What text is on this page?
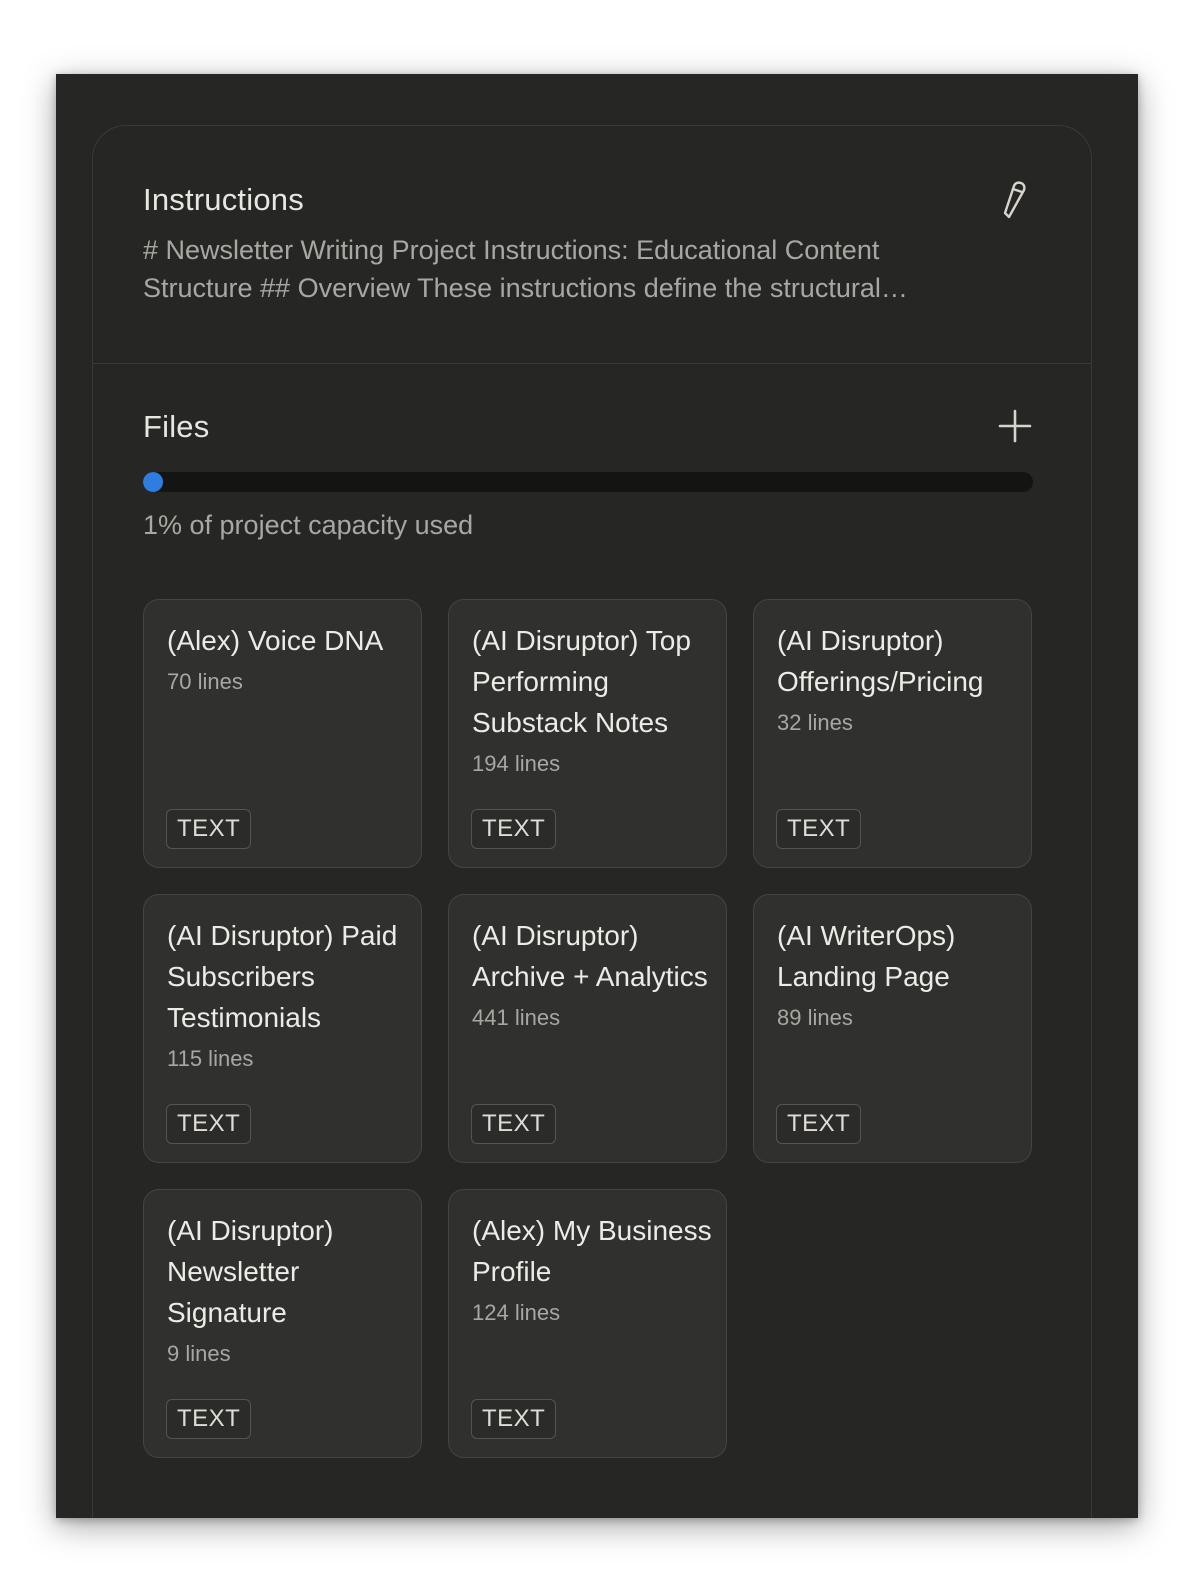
Instructions
# Newsletter Writing Project Instructions: Educational Content Structure ## Overview These instructions define the structural…
Files
1% of project capacity used
(Alex) Voice DNA
70 lines
TEXT
(AI Disruptor) Top Performing Substack Notes
194 lines
TEXT
(AI Disruptor) Offerings/Pricing
32 lines
TEXT
(AI Disruptor) Paid Subscribers Testimonials
115 lines
TEXT
(AI Disruptor) Archive + Analytics
441 lines
TEXT
(AI WriterOps) Landing Page
89 lines
TEXT
(AI Disruptor) Newsletter Signature
9 lines
TEXT
(Alex) My Business Profile
124 lines
TEXT
